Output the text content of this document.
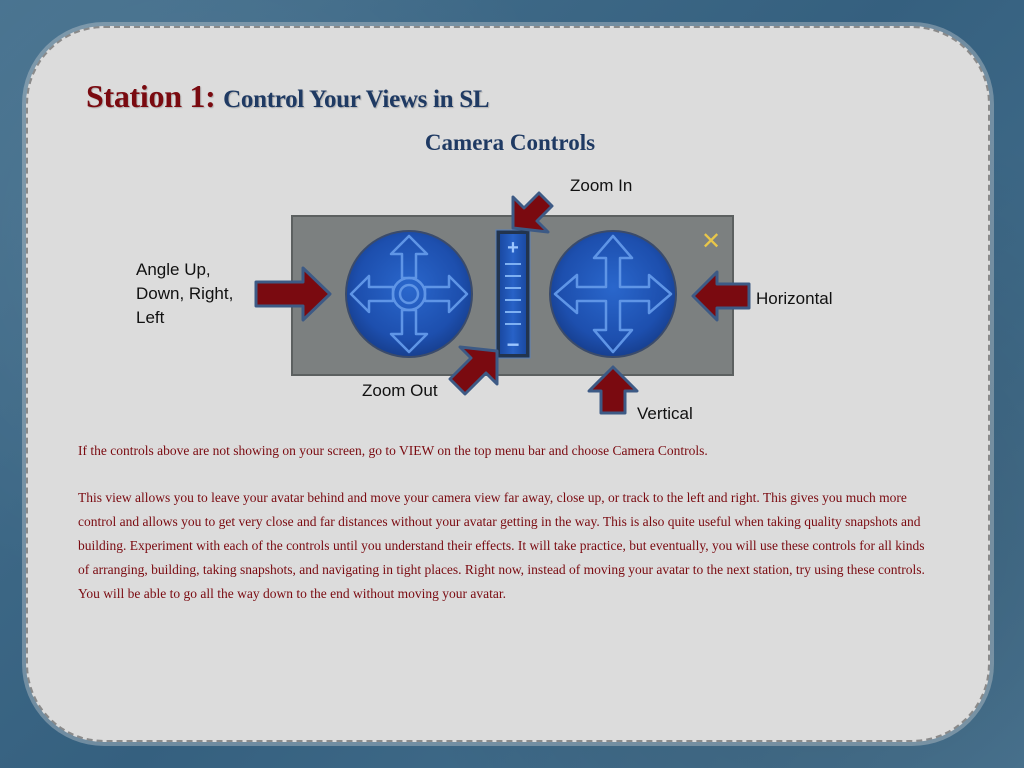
Station 1: Control Your Views in SL
Camera Controls
+
−
✕
Zoom In
Angle Up,
Down, Right,
Left
Horizontal
Zoom Out
Vertical

If the controls above are not showing on your screen, go to VIEW on the top menu bar and choose Camera Controls.

This view allows you to leave your avatar behind and move your camera view far away, close up, or track to the left and right. This gives you much more control and allows you to get very close and far distances without your avatar getting in the way. This is also quite useful when taking quality snapshots and building. Experiment with each of the controls until you understand their effects. It will take practice, but eventually, you will use these controls for all kinds of arranging, building, taking snapshots, and navigating in tight places. Right now, instead of moving your avatar to the next station, try using these controls. You will be able to go all the way down to the end without moving your avatar.
